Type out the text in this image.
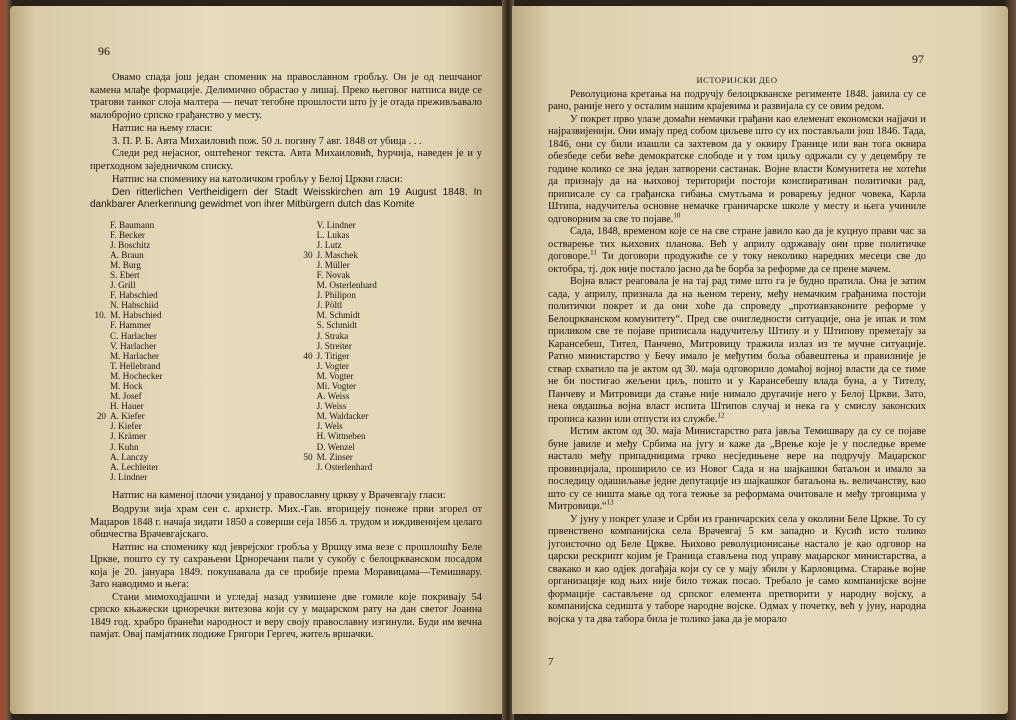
96

Овамо спада још један споменик на православном гробљу. Он је од пешчаног камена млађе формације. Делимично обрастао у лишај. Преко његовог натписа виде се трагови танког слоја малтера — печат тегобне прошлости што ју је отада преживљавало малобројно српско грађанство у месту.

Натпис на њему гласи:

З. П. Р. Б. Авта Михаиловић пож. 50 л. погину 7 авг. 1848 от убица . . .

Следи ред нејасног, оштећеног текста. Авта Михаиловић, ћурчија, наведен је и у претходном заједничком списку.

Натпис на споменику на католичком гробљу у Белој Цркви гласи:

Den ritterlichen Vertheidigern der Stadt Weisskirchen am 19 August 1848. In dankbarer Anerkennung gewidmet von ihrer Mitbürgern dutch das Komite

F. Baumann
F. Becker
J. Boschitz
A. Braun
M. Burg
S. Ebert
J. Grill
F. Habschied
N. Habschiid
10. M. Habschied
F. Hammer
C. Harlacher
V. Harlacher
M. Harlacher
T. Hellebrand
M. Hochecker
M. Hock
M. Josef
H. Hauer
20 A. Kiefer
J. Kiefer
J. Krämer
J. Kuhn
A. Lanczy
A. Lechleiter
J. Lindner
V. Lindner
L. Lukas
J. Lutz
30 J. Maschek
J. Müller
F. Novak
M. Osterlenhard
J. Philipon
J. Pöltl
M. Schmidt
S. Schmidt
J. Straka
J. Streiter
40 J. Titiger
J. Vogter
M. Vogter
Mi. Vogter
A. Weiss
J. Weiss
M. Waldacker
J. Wels
H. Wittneben
D. Wenzel
50 M. Zinser
J. Osterlenhard

Натпис на каменој плочи узиданој у православну цркву у Врачевгају гласи:

Водрузи зија храм сеи с. архистр. Мих.-Гав. вторицеју понеже први згорел от Маџаров 1848 г. начаја зидати 1850 а соверши сеја 1856 л. трудом и иждивенијем целаго обшчества Врачевгајскаго.

Натпис на споменику код јеврејског гробља у Вршцу има везе с прошлошћу Беле Цркве, пошто су ту сахрањени Црноречани пали у сукобу с белоцркванском посадом која је 20. јануара 1849. покушавала да се пробије према Моравицама—Темишвару. Зато наводимо и њега:

Стани мимоходјашчи и угледај назад узвишене две гомиле које покривају 54 српско књажески црноречки витезова који су у маџарском рату на дан светог Јоанна 1849 год. храбро бранећи народност и веру своју православну изгинули. Буди им вечна памјат. Овај памјатник подиже Григори Гергеч, житељ вршачки.

97
ИСТОРИЈСКИ ДЕО

Револуционa кретања на подручју белоцркванске регименте 1848. јавила су се рано, раније него у осталим нашим крајевима и развијала су се овим редом.

У покрет прво улазе домаћи немачки грађани као елеменат економски најјачи и најразвијенији. Они имају пред собом циљеве што су их постављали још 1846. Тада, 1846, они су били изашли са захтевом да у оквиру Границе или ван тога оквира обезбеде себи веће демократске слободе и у том циљу одржали су у децембру те године колико се зна један затворени састанак. Војне власти Комунитета не хотећи да признају да на њиховој територији постоји конспиративан политички рад, приписале су са грађанска гибања смутљама и роварењу једног човека, Карла Штипа, надучитеља основне немачке граничарске школе у месту и њега учиниле одговорним за све то појаве.$^{10}$

Сада, 1848, временом које се на све стране јавило као да је куцнуо прави час за остварење тих њихових планова. Већ у априлу одржавају они прве политичке договоре.$^{11}$ Ти договори продужиће се у току неколико наредних месеци све до октобра, тј. док није постало јасно да ће борба за реформе да се прене мачем.

Војна власт реаговала је на тај рад тиме што га је будно пратила. Она је затим сада, у априлу, признала да на њеном терену, међу немачким грађанима постоји политички покрет и да они хоће да спроведу „протиавзаконите реформе у Белоцркванском комунитету“. Пред све очигледности ситуације, она је ипак и том приликом све те појаве приписала надучитељу Штипу и у Штиповy преметају за Карансебеш, Тител, Панчево, Митровицу тражила излаз из те мучне ситуације. Ратно министарство у Бечу имало је међутим боља обавештења и правилније је ствар схватило па је актом од 30. маја одговорило домаћој војној власти да се тиме не би постигао жељени циљ, пошто и у Карансебешу влада буна, а у Тителу, Панчеву и Митровици да стање није нимало другачије него у Белој Цркви. Зато, нека овдашња војна власт испита Штипов случај и нека га у смислу законских прописа казни или отпусти из службе.$^{12}$

Истим актом од 30. маја Министарство рата јавља Темишвару да су се појаве буне јавиле и међу Србима на југу и каже да „Врење које је у последње време настало међу припадницима грчко несједињене вере на подручју Маџарског провинцијала, проширило се из Новог Сада и на шајкашки батаљон и имало за последицу одашиљање једне депутације из шајкашког батаљона њ. величанству, као што су се ништа мање од тога тежње за реформама очитовале и међу трговцима у Митровици.“$^{13}$

У јуну у покрет улазе и Срби из граничарских села у околини Беле Цркве. То су првенствено компанијска села Врачевгај 5 км западно и Кусић исто толико југоисточно од Беле Цркве. Њихово револуционисање настало је као одговор на царски рескрипт којим је Граница стављена под управу маџарског министарства, а свакако и као одјек догађаја који су се у мају збили у Карловцима. Старање војне организације код њих није било тежак посао. Требало је само компанијске војне формације састављене од српског елемента претворити у народну војску, а компанијска седишта у таборе народне војске. Одмах у почетку, већ у јуну, народна војска у та два табора била је толико јака да је морало

7
